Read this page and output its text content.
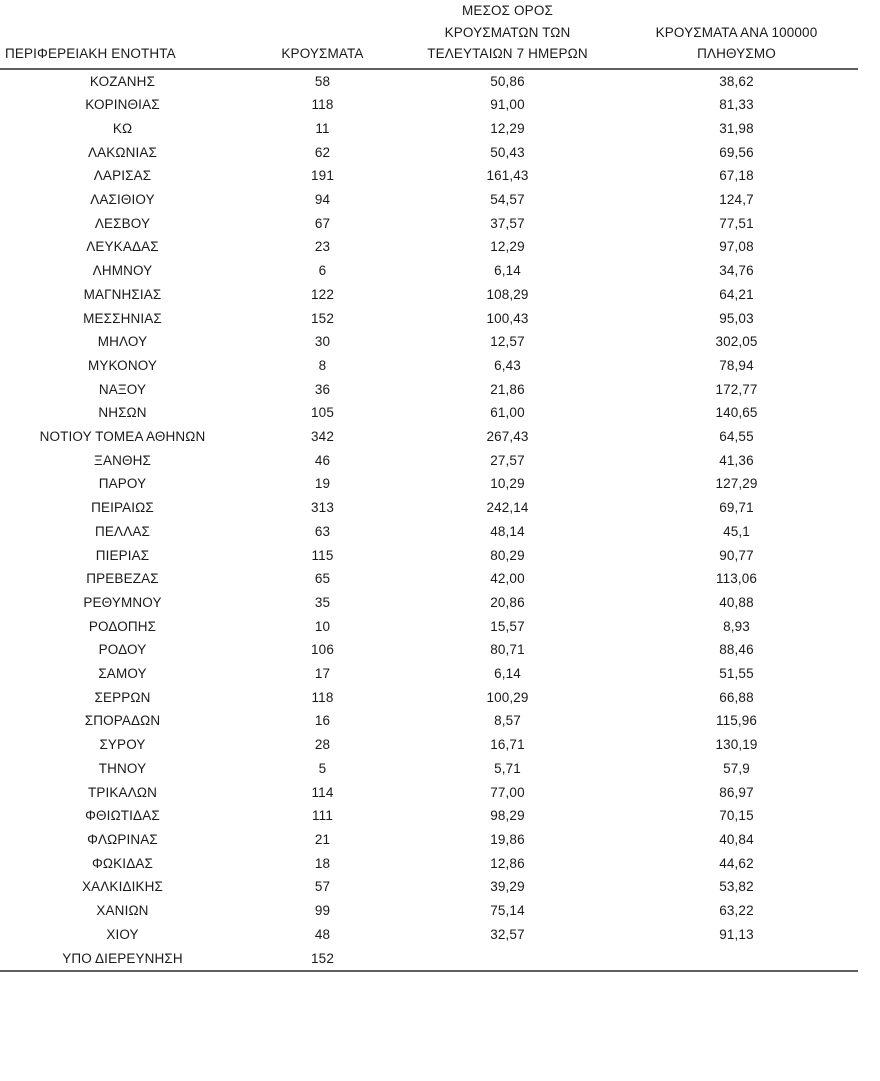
ΠΕΡΙΦΕΡΕΙΑΚΗ ΕΝΟΤΗΤΑ	ΚΡΟΥΣΜΑΤΑ	ΜΕΣΟΣ ΟΡΟΣ
ΚΡΟΥΣΜΑΤΩΝ ΤΩΝ
ΤΕΛΕΥΤΑΙΩΝ 7 ΗΜΕΡΩΝ	ΚΡΟΥΣΜΑΤΑ ΑΝΑ 100000
ΠΛΗΘΥΣΜΟ

ΚΟΖΑΝΗΣ	58	50,86	38,62
ΚΟΡΙΝΘΙΑΣ	118	91,00	81,33
ΚΩ	11	12,29	31,98
ΛΑΚΩΝΙΑΣ	62	50,43	69,56
ΛΑΡΙΣΑΣ	191	161,43	67,18
ΛΑΣΙΘΙΟΥ	94	54,57	124,7
ΛΕΣΒΟΥ	67	37,57	77,51
ΛΕΥΚΑΔΑΣ	23	12,29	97,08
ΛΗΜΝΟΥ	6	6,14	34,76
ΜΑΓΝΗΣΙΑΣ	122	108,29	64,21
ΜΕΣΣΗΝΙΑΣ	152	100,43	95,03
ΜΗΛΟΥ	30	12,57	302,05
ΜΥΚΟΝΟΥ	8	6,43	78,94
ΝΑΞΟΥ	36	21,86	172,77
ΝΗΣΩΝ	105	61,00	140,65
ΝΟΤΙΟΥ ΤΟΜΕΑ ΑΘΗΝΩΝ	342	267,43	64,55
ΞΑΝΘΗΣ	46	27,57	41,36
ΠΑΡΟΥ	19	10,29	127,29
ΠΕΙΡΑΙΩΣ	313	242,14	69,71
ΠΕΛΛΑΣ	63	48,14	45,1
ΠΙΕΡΙΑΣ	115	80,29	90,77
ΠΡΕΒΕΖΑΣ	65	42,00	113,06
ΡΕΘΥΜΝΟΥ	35	20,86	40,88
ΡΟΔΟΠΗΣ	10	15,57	8,93
ΡΟΔΟΥ	106	80,71	88,46
ΣΑΜΟΥ	17	6,14	51,55
ΣΕΡΡΩΝ	118	100,29	66,88
ΣΠΟΡΑΔΩΝ	16	8,57	115,96
ΣΥΡΟΥ	28	16,71	130,19
ΤΗΝΟΥ	5	5,71	57,9
ΤΡΙΚΑΛΩΝ	114	77,00	86,97
ΦΘΙΩΤΙΔΑΣ	111	98,29	70,15
ΦΛΩΡΙΝΑΣ	21	19,86	40,84
ΦΩΚΙΔΑΣ	18	12,86	44,62
ΧΑΛΚΙΔΙΚΗΣ	57	39,29	53,82
ΧΑΝΙΩΝ	99	75,14	63,22
ΧΙΟΥ	48	32,57	91,13
ΥΠΟ ΔΙΕΡΕΥΝΗΣΗ	152		
